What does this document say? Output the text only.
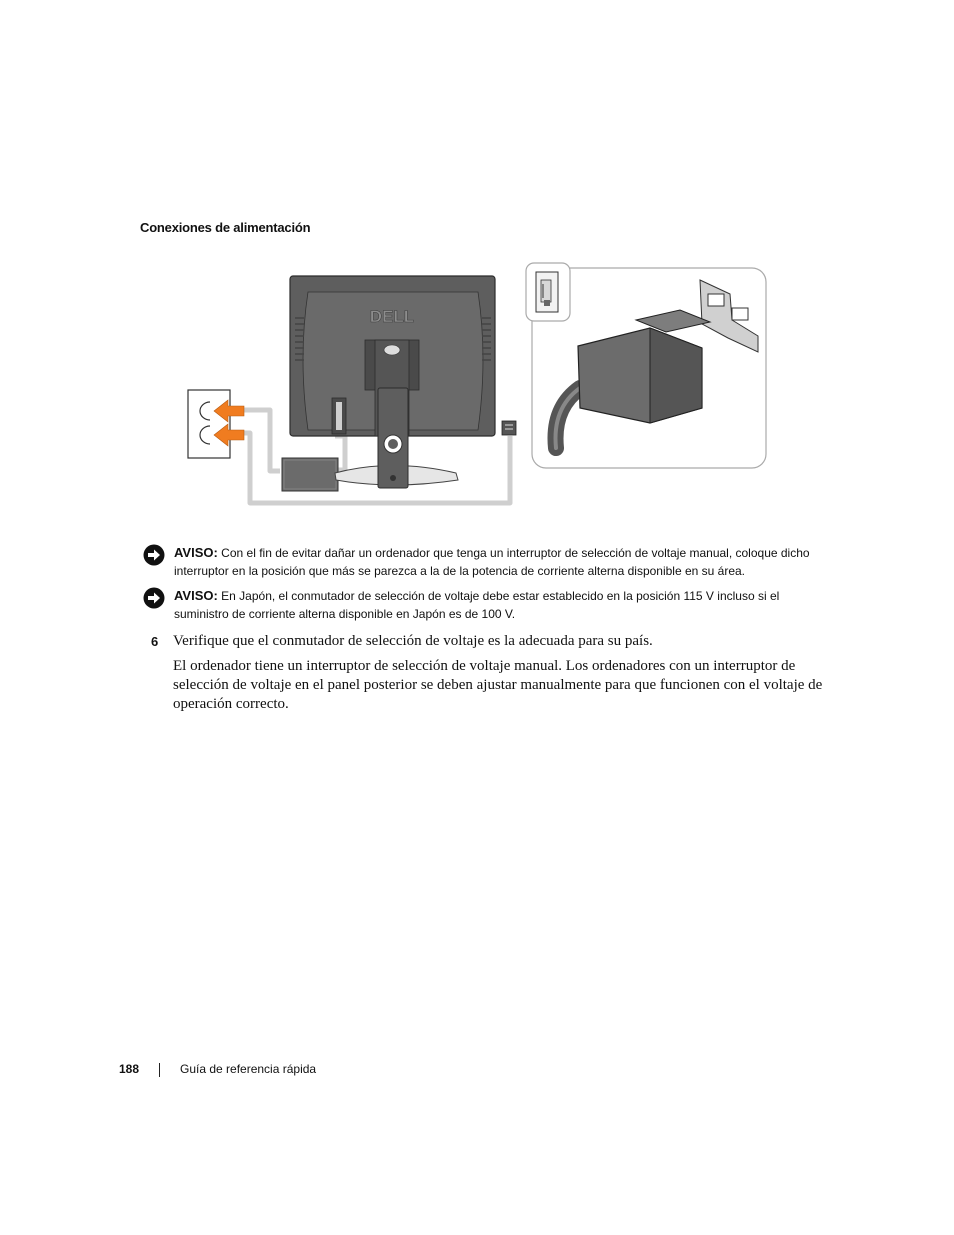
Conexiones de alimentación
DELL
AVISO: Con el fin de evitar dañar un ordenador que tenga un interruptor de selección de voltaje manual, coloque dicho interruptor en la posición que más se parezca a la de la potencia de corriente alterna disponible en su área.
AVISO: En Japón, el conmutador de selección de voltaje debe estar establecido en la posición 115 V incluso si el suministro de corriente alterna disponible en Japón es de 100 V.
6 Verifique que el conmutador de selección de voltaje es la adecuada para su país.
El ordenador tiene un interruptor de selección de voltaje manual. Los ordenadores con un interruptor de selección de voltaje en el panel posterior se deben ajustar manualmente para que funcionen con el voltaje de operación correcto.
188	Guía de referencia rápida
